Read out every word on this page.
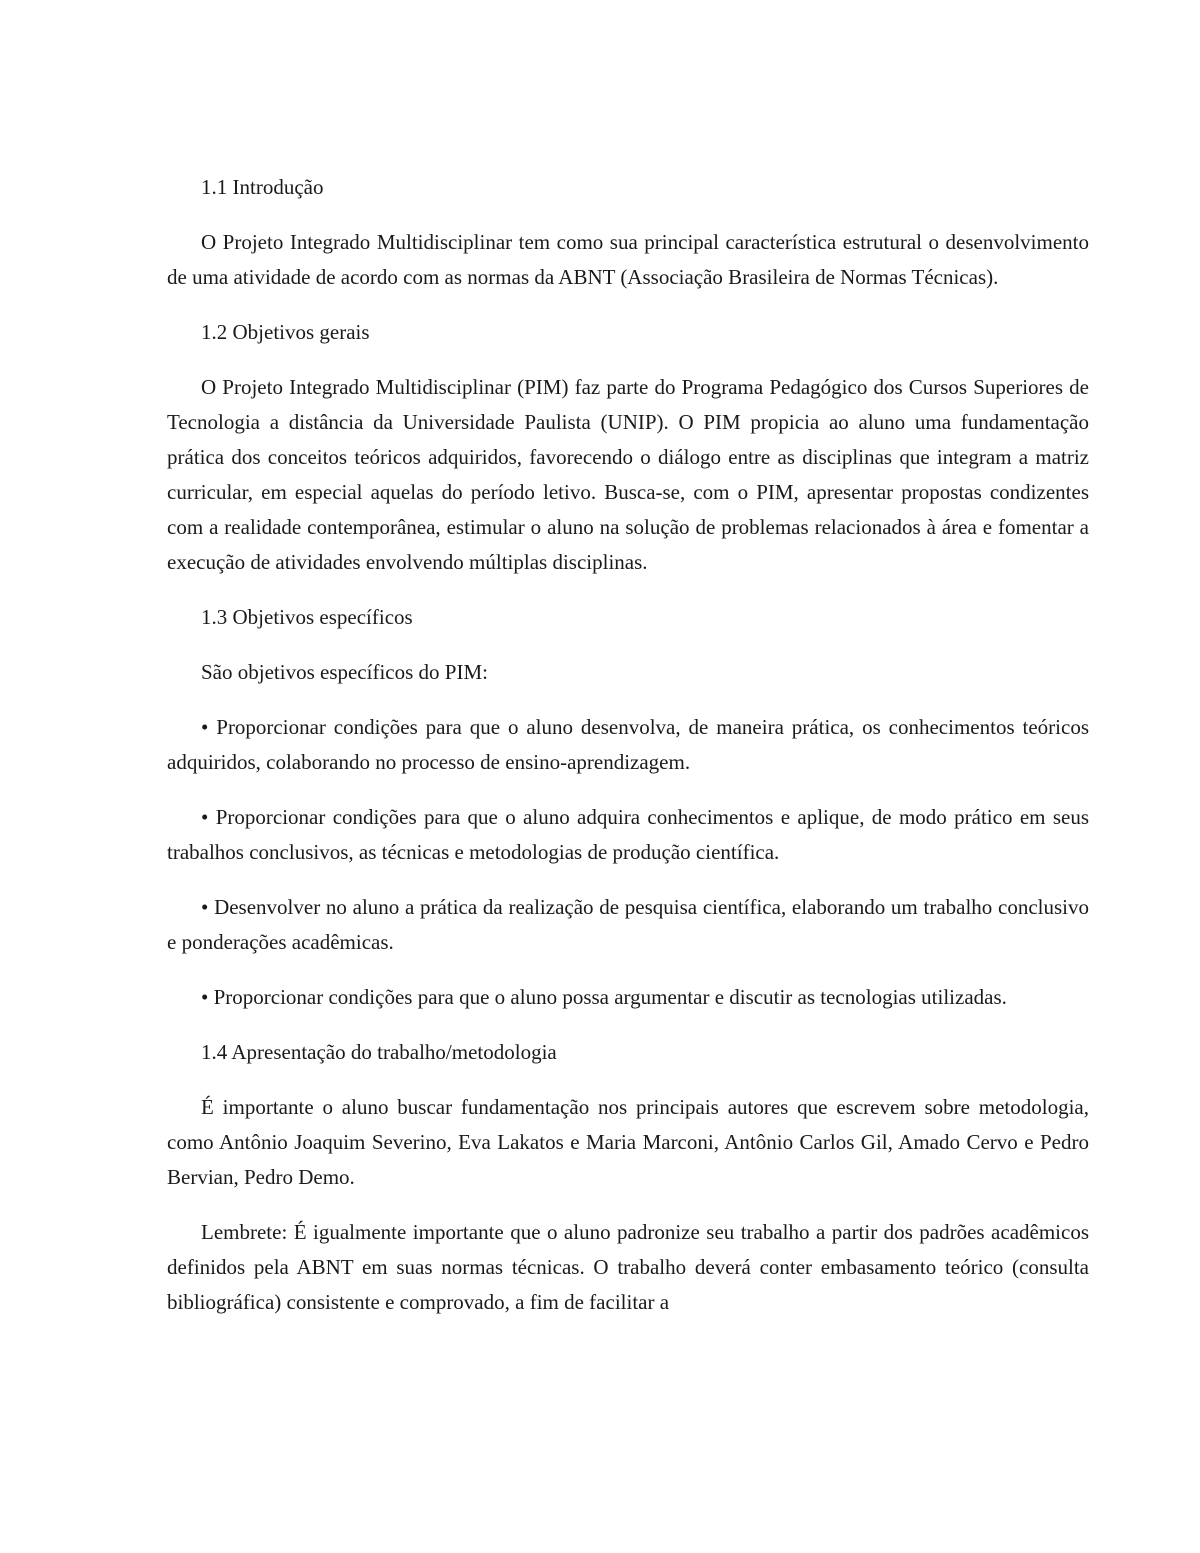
1.1 Introdução

O Projeto Integrado Multidisciplinar tem como sua principal característica estrutural o desenvolvimento de uma atividade de acordo com as normas da ABNT (Associação Brasileira de Normas Técnicas).

1.2 Objetivos gerais

O Projeto Integrado Multidisciplinar (PIM) faz parte do Programa Pedagógico dos Cursos Superiores de Tecnologia a distância da Universidade Paulista (UNIP). O PIM propicia ao aluno uma fundamentação prática dos conceitos teóricos adquiridos, favorecendo o diálogo entre as disciplinas que integram a matriz curricular, em especial aquelas do período letivo. Busca-se, com o PIM, apresentar propostas condizentes com a realidade contemporânea, estimular o aluno na solução de problemas relacionados à área e fomentar a execução de atividades envolvendo múltiplas disciplinas.

1.3 Objetivos específicos

São objetivos específicos do PIM:

• Proporcionar condições para que o aluno desenvolva, de maneira prática, os conhecimentos teóricos adquiridos, colaborando no processo de ensino-aprendizagem.

• Proporcionar condições para que o aluno adquira conhecimentos e aplique, de modo prático em seus trabalhos conclusivos, as técnicas e metodologias de produção científica.

• Desenvolver no aluno a prática da realização de pesquisa científica, elaborando um trabalho conclusivo e ponderações acadêmicas.

• Proporcionar condições para que o aluno possa argumentar e discutir as tecnologias utilizadas.

1.4 Apresentação do trabalho/metodologia

É importante o aluno buscar fundamentação nos principais autores que escrevem sobre metodologia, como Antônio Joaquim Severino, Eva Lakatos e Maria Marconi, Antônio Carlos Gil, Amado Cervo e Pedro Bervian, Pedro Demo.

Lembrete: É igualmente importante que o aluno padronize seu trabalho a partir dos padrões acadêmicos definidos pela ABNT em suas normas técnicas. O trabalho deverá conter embasamento teórico (consulta bibliográfica) consistente e comprovado, a fim de facilitar a
